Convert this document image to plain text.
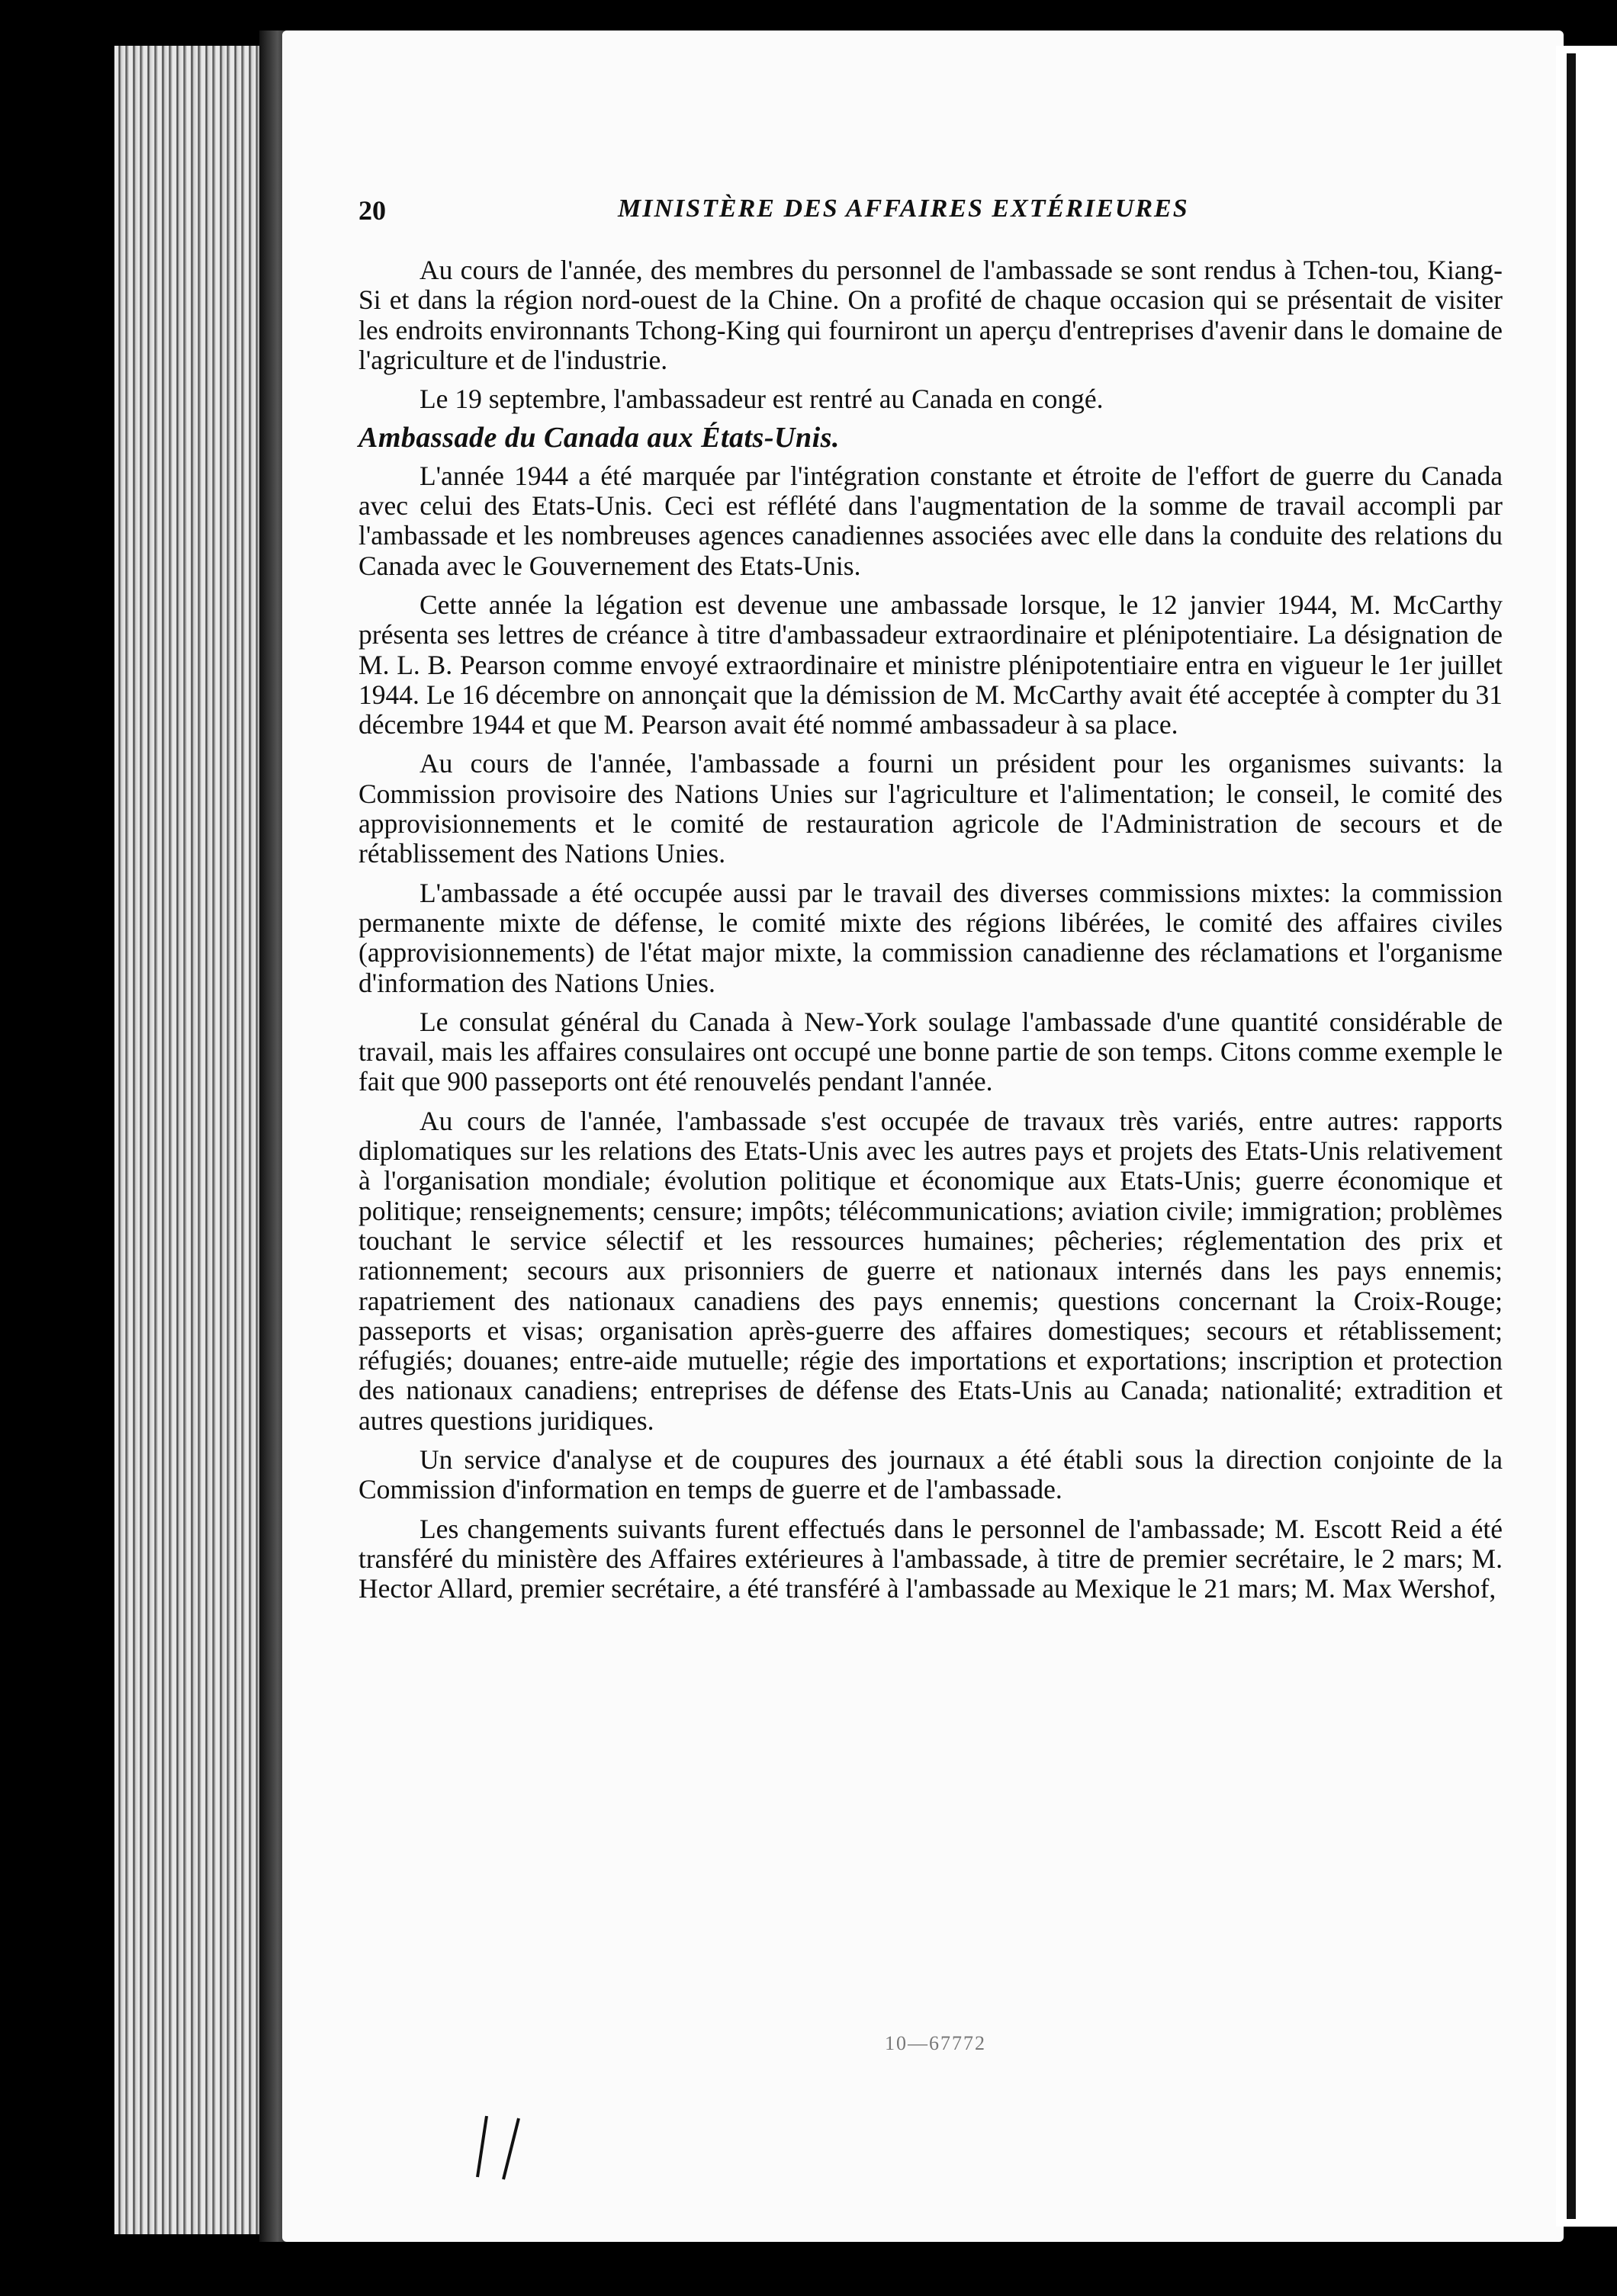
20	MINISTÈRE DES AFFAIRES EXTÉRIEURES

Au cours de l'année, des membres du personnel de l'ambassade se sont rendus à Tchen-tou, Kiang-Si et dans la région nord-ouest de la Chine. On a profité de chaque occasion qui se présentait de visiter les endroits environnants Tchong-King qui fourniront un aperçu d'entreprises d'avenir dans le domaine de l'agriculture et de l'industrie.

Le 19 septembre, l'ambassadeur est rentré au Canada en congé.

Ambassade du Canada aux États-Unis.

L'année 1944 a été marquée par l'intégration constante et étroite de l'effort de guerre du Canada avec celui des Etats-Unis. Ceci est réflété dans l'augmentation de la somme de travail accompli par l'ambassade et les nombreuses agences canadiennes associées avec elle dans la conduite des relations du Canada avec le Gouvernement des Etats-Unis.

Cette année la légation est devenue une ambassade lorsque, le 12 janvier 1944, M. McCarthy présenta ses lettres de créance à titre d'ambassadeur extraordinaire et plénipotentiaire. La désignation de M. L. B. Pearson comme envoyé extraordinaire et ministre plénipotentiaire entra en vigueur le 1er juillet 1944. Le 16 décembre on annonçait que la démission de M. McCarthy avait été acceptée à compter du 31 décembre 1944 et que M. Pearson avait été nommé ambassadeur à sa place.

Au cours de l'année, l'ambassade a fourni un président pour les organismes suivants: la Commission provisoire des Nations Unies sur l'agriculture et l'alimentation; le conseil, le comité des approvisionnements et le comité de restauration agricole de l'Administration de secours et de rétablissement des Nations Unies.

L'ambassade a été occupée aussi par le travail des diverses commissions mixtes: la commission permanente mixte de défense, le comité mixte des régions libérées, le comité des affaires civiles (approvisionnements) de l'état major mixte, la commission canadienne des réclamations et l'organisme d'information des Nations Unies.

Le consulat général du Canada à New-York soulage l'ambassade d'une quantité considérable de travail, mais les affaires consulaires ont occupé une bonne partie de son temps. Citons comme exemple le fait que 900 passeports ont été renouvelés pendant l'année.

Au cours de l'année, l'ambassade s'est occupée de travaux très variés, entre autres: rapports diplomatiques sur les relations des Etats-Unis avec les autres pays et projets des Etats-Unis relativement à l'organisation mondiale; évolution politique et économique aux Etats-Unis; guerre économique et politique; renseignements; censure; impôts; télécommunications; aviation civile; immigration; problèmes touchant le service sélectif et les ressources humaines; pêcheries; réglementation des prix et rationnement; secours aux prisonniers de guerre et nationaux internés dans les pays ennemis; rapatriement des nationaux canadiens des pays ennemis; questions concernant la Croix-Rouge; passeports et visas; organisation après-guerre des affaires domestiques; secours et rétablissement; réfugiés; douanes; entre-aide mutuelle; régie des importations et exportations; inscription et protection des nationaux canadiens; entreprises de défense des Etats-Unis au Canada; nationalité; extradition et autres questions juridiques.

Un service d'analyse et de coupures des journaux a été établi sous la direction conjointe de la Commission d'information en temps de guerre et de l'ambassade.

Les changements suivants furent effectués dans le personnel de l'ambassade; M. Escott Reid a été transféré du ministère des Affaires extérieures à l'ambassade, à titre de premier secrétaire, le 2 mars; M. Hector Allard, premier secrétaire, a été transféré à l'ambassade au Mexique le 21 mars; M. Max Wershof,

10—67772
